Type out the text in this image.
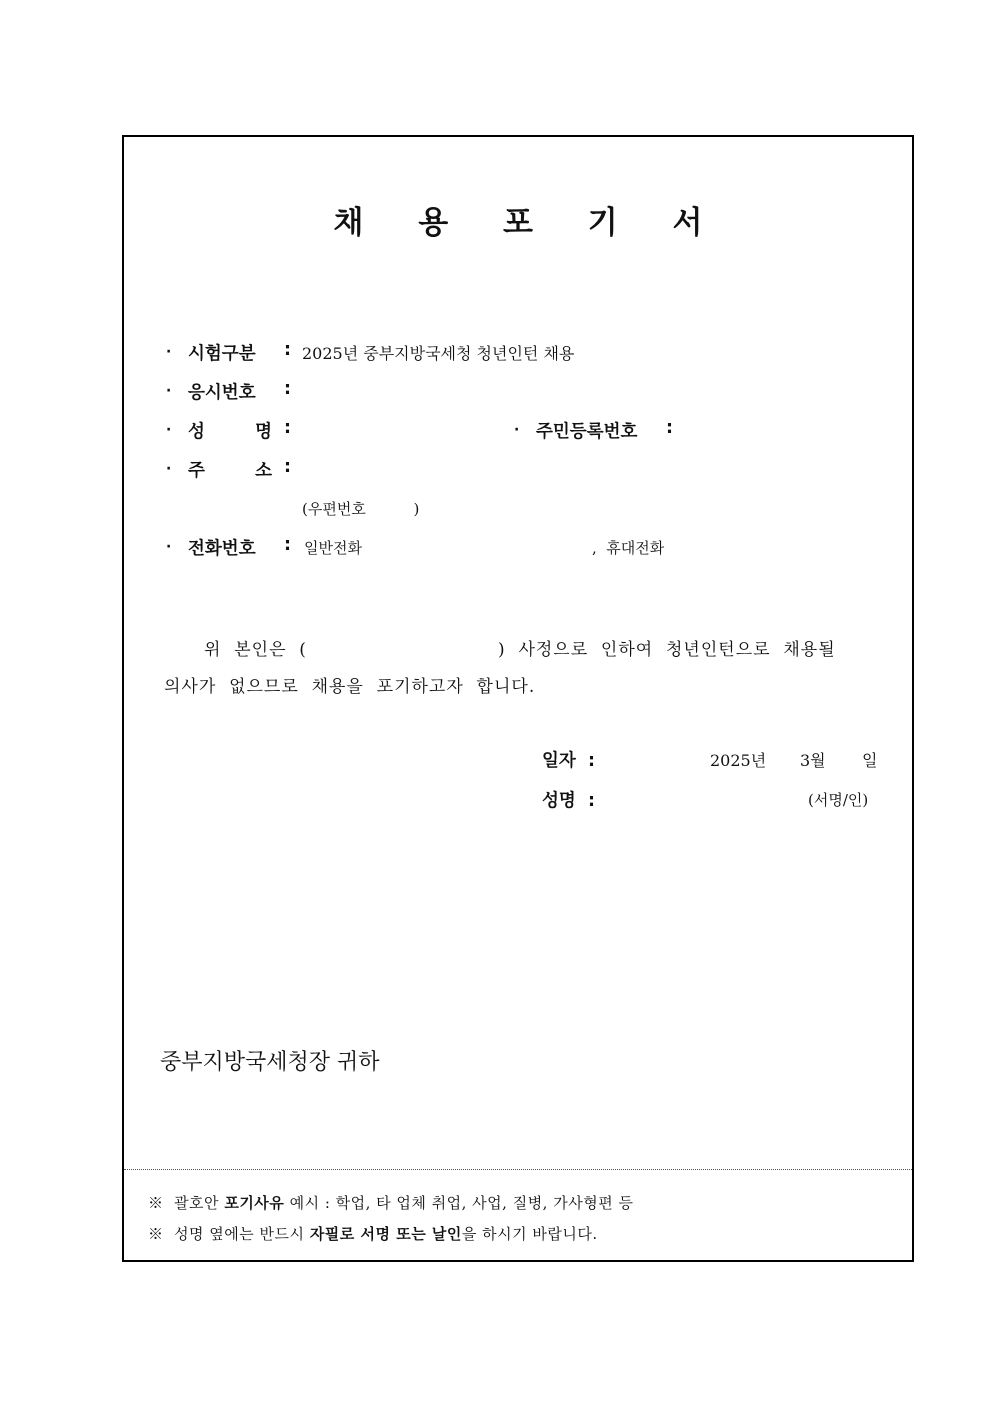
채 용 포 기 서
· 시험구분 : 2025년 중부지방국세청 청년인턴 채용
· 응시번호 :
· 성	명 :	· 주민등록번호 :
· 주	소 :
(우편번호          )
· 전화번호 : 일반전화	,  휴대전화
위  본인은  (	)  사정으로  인하여  청년인턴으로  채용될
의사가  없으므로  채용을  포기하고자  합니다.
일자  :	2025년 3월 일
성명  :	(서명/인)
중부지방국세청장 귀하
※ 괄호안 포기사유 예시 : 학업, 타 업체 취업, 사업, 질병, 가사형편 등
※ 성명 옆에는 반드시 자필로 서명 또는 날인을 하시기 바랍니다.
